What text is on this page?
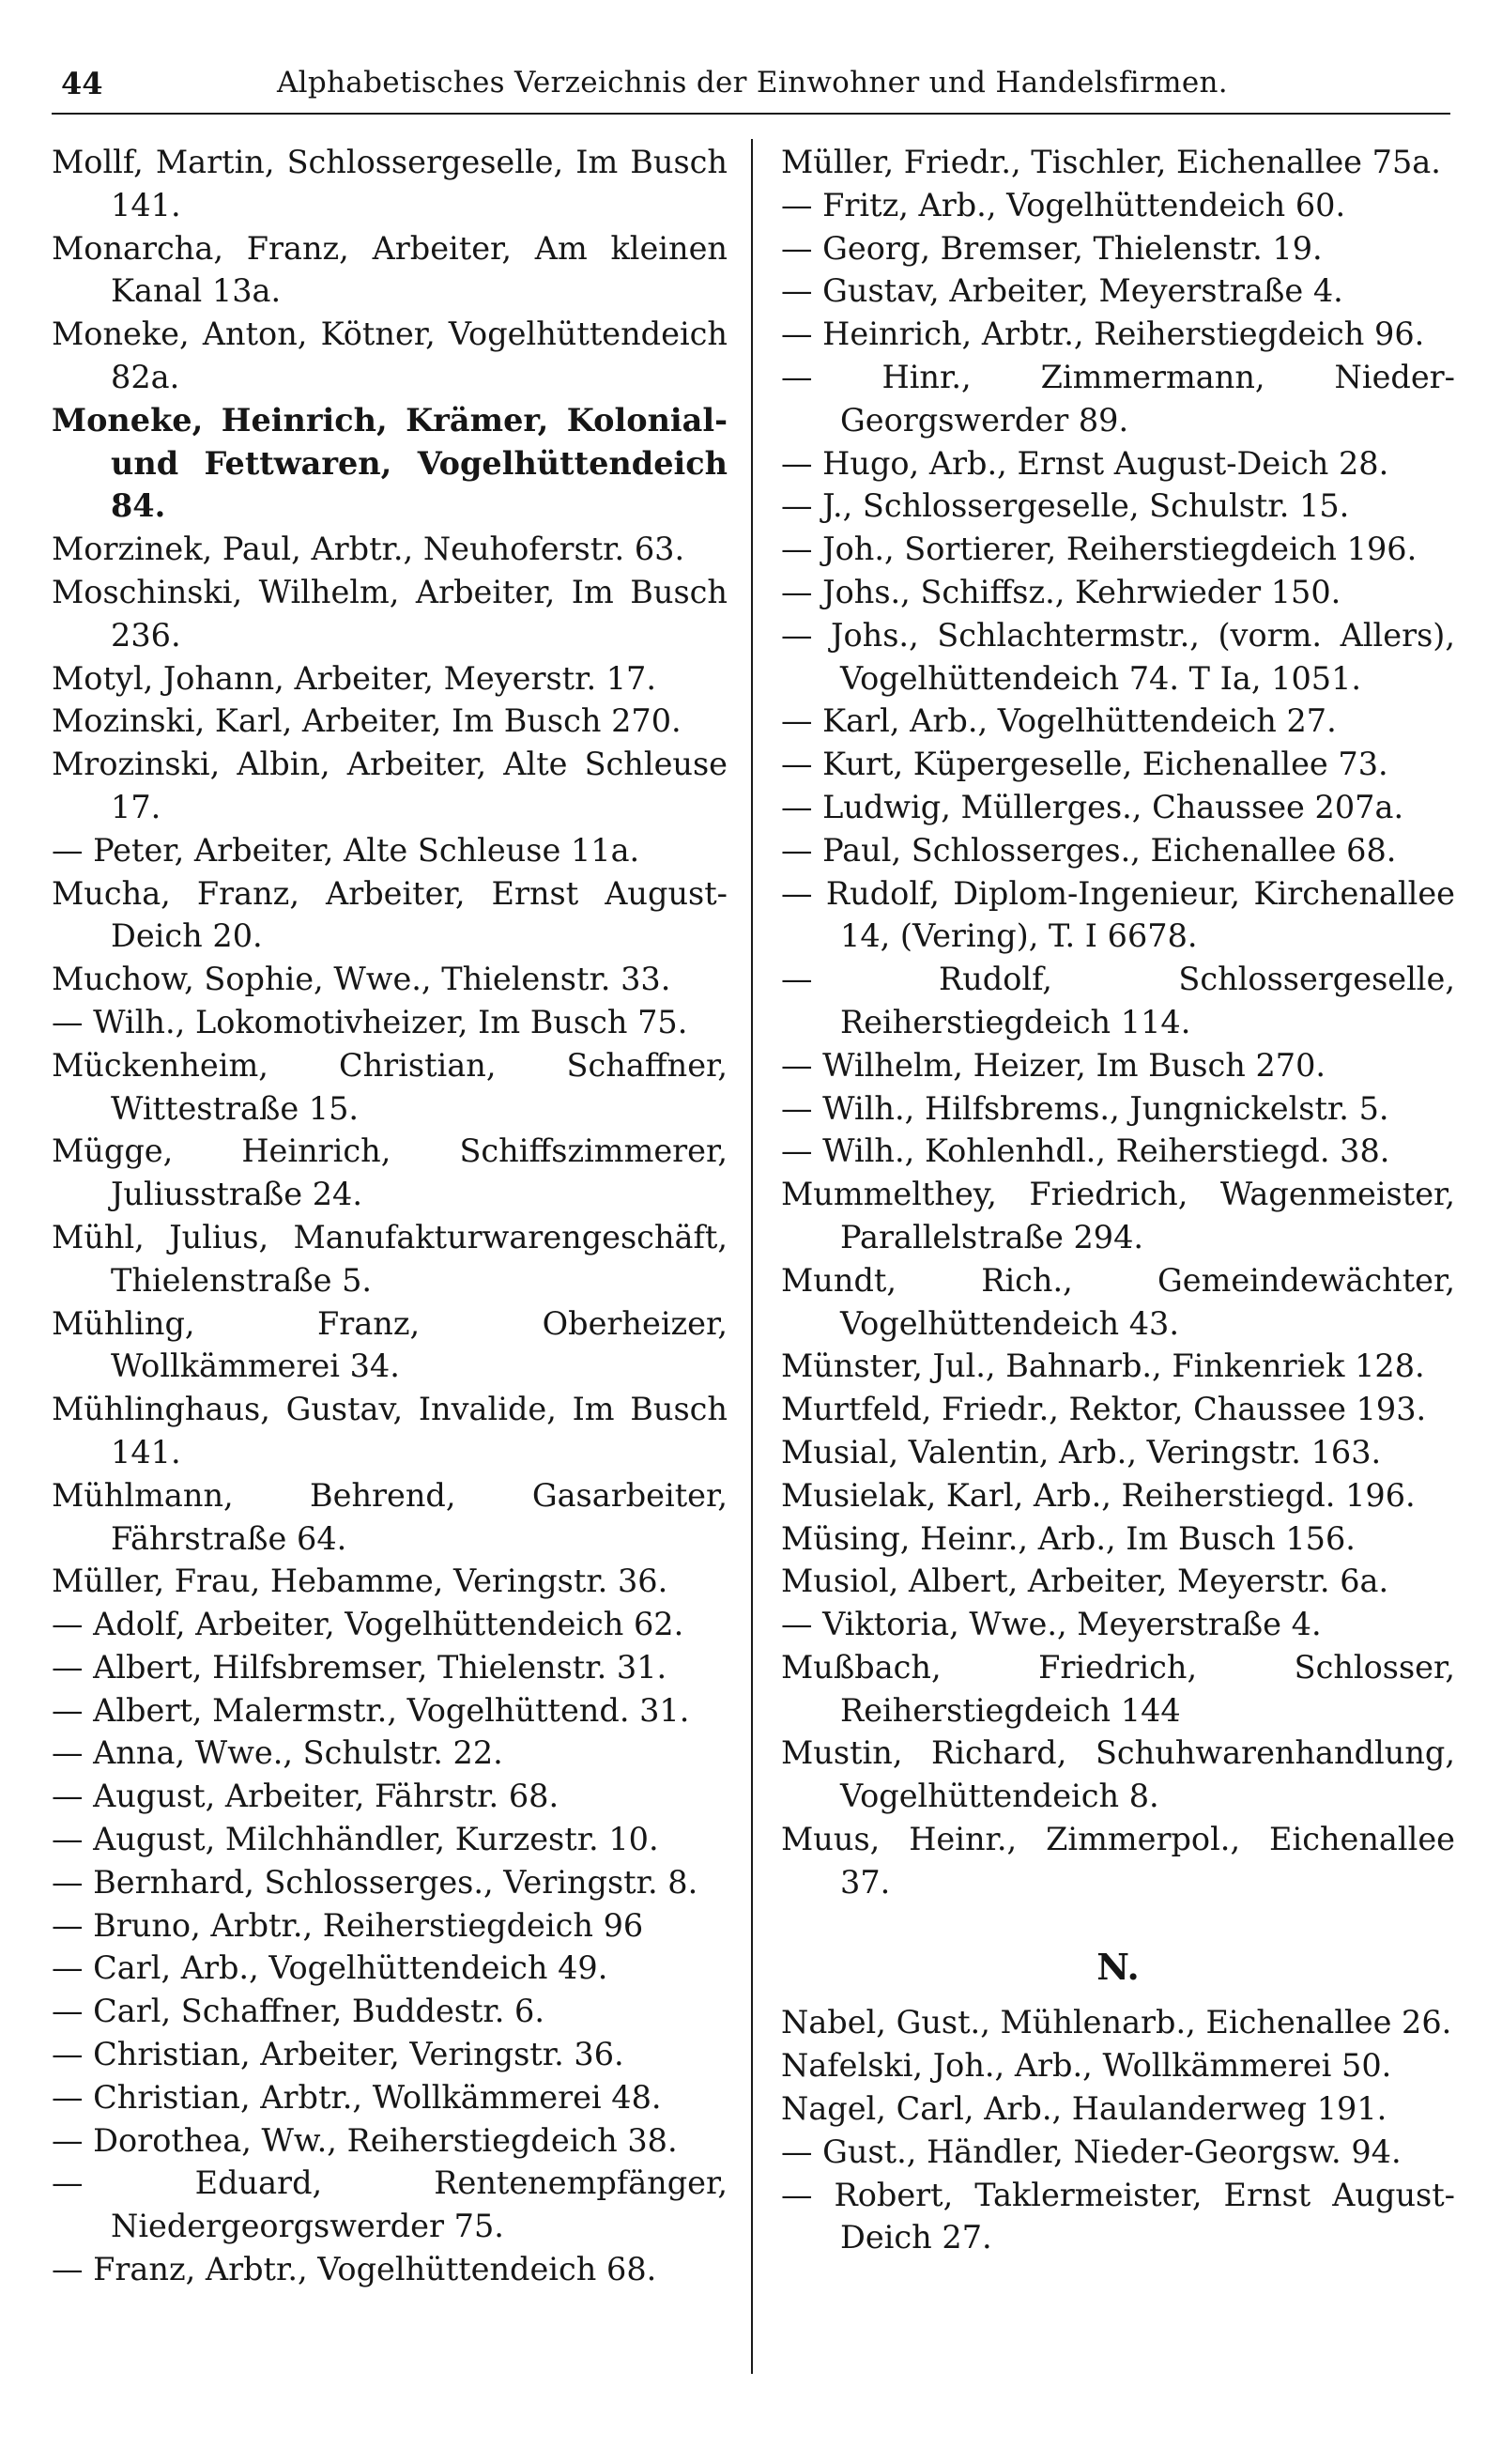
44	Alphabetisches Verzeichnis der Einwohner und Handelsfirmen.

Mollf, Martin, Schlossergeselle, Im Busch 141.

Monarcha, Franz, Arbeiter, Am kleinen Kanal 13a.

Moneke, Anton, Kötner, Vogelhüttendeich 82a.

Moneke, Heinrich, Krämer, Kolonial- und Fettwaren, Vogelhüttendeich 84.

Morzinek, Paul, Arbtr., Neuhoferstr. 63.

Moschinski, Wilhelm, Arbeiter, Im Busch 236.

Motyl, Johann, Arbeiter, Meyerstr. 17.

Mozinski, Karl, Arbeiter, Im Busch 270.

Mrozinski, Albin, Arbeiter, Alte Schleuse 17.

— Peter, Arbeiter, Alte Schleuse 11a.

Mucha, Franz, Arbeiter, Ernst August-Deich 20.

Muchow, Sophie, Wwe., Thielenstr. 33.

— Wilh., Lokomotivheizer, Im Busch 75.

Mückenheim, Christian, Schaffner, Wittestraße 15.

Mügge, Heinrich, Schiffszimmerer, Juliusstraße 24.

Mühl, Julius, Manufakturwarengeschäft, Thielenstraße 5.

Mühling, Franz, Oberheizer, Wollkämmerei 34.

Mühlinghaus, Gustav, Invalide, Im Busch 141.

Mühlmann, Behrend, Gasarbeiter, Fährstraße 64.

Müller, Frau, Hebamme, Veringstr. 36.

— Adolf, Arbeiter, Vogelhüttendeich 62.

— Albert, Hilfsbremser, Thielenstr. 31.

— Albert, Malermstr., Vogelhüttend. 31.

— Anna, Wwe., Schulstr. 22.

— August, Arbeiter, Fährstr. 68.

— August, Milchhändler, Kurzestr. 10.

— Bernhard, Schlosserges., Veringstr. 8.

— Bruno, Arbtr., Reiherstiegdeich 96

— Carl, Arb., Vogelhüttendeich 49.

— Carl, Schaffner, Buddestr. 6.

— Christian, Arbeiter, Veringstr. 36.

— Christian, Arbtr., Wollkämmerei 48.

— Dorothea, Ww., Reiherstiegdeich 38.

— Eduard, Rentenempfänger, Niedergeorgswerder 75.

— Franz, Arbtr., Vogelhüttendeich 68.

Müller, Friedr., Tischler, Eichenallee 75a.

— Fritz, Arb., Vogelhüttendeich 60.

— Georg, Bremser, Thielenstr. 19.

— Gustav, Arbeiter, Meyerstraße 4.

— Heinrich, Arbtr., Reiherstiegdeich 96.

— Hinr., Zimmermann, Nieder-Georgswerder 89.

— Hugo, Arb., Ernst August-Deich 28.

— J., Schlossergeselle, Schulstr. 15.

— Joh., Sortierer, Reiherstiegdeich 196.

— Johs., Schiffsz., Kehrwieder 150.

— Johs., Schlachtermstr., (vorm. Allers), Vogelhüttendeich 74. T Ia, 1051.

— Karl, Arb., Vogelhüttendeich 27.

— Kurt, Küpergeselle, Eichenallee 73.

— Ludwig, Müllerges., Chaussee 207a.

— Paul, Schlosserges., Eichenallee 68.

— Rudolf, Diplom-Ingenieur, Kirchenallee 14, (Vering), T. I 6678.

— Rudolf, Schlossergeselle, Reiherstiegdeich 114.

— Wilhelm, Heizer, Im Busch 270.

— Wilh., Hilfsbrems., Jungnickelstr. 5.

— Wilh., Kohlenhdl., Reiherstiegd. 38.

Mummelthey, Friedrich, Wagenmeister, Parallelstraße 294.

Mundt, Rich., Gemeindewächter, Vogelhüttendeich 43.

Münster, Jul., Bahnarb., Finkenriek 128.

Murtfeld, Friedr., Rektor, Chaussee 193.

Musial, Valentin, Arb., Veringstr. 163.

Musielak, Karl, Arb., Reiherstiegd. 196.

Müsing, Heinr., Arb., Im Busch 156.

Musiol, Albert, Arbeiter, Meyerstr. 6a.

— Viktoria, Wwe., Meyerstraße 4.

Mußbach, Friedrich, Schlosser, Reiherstiegdeich 144

Mustin, Richard, Schuhwarenhandlung, Vogelhüttendeich 8.

Muus, Heinr., Zimmerpol., Eichenallee 37.

N.

Nabel, Gust., Mühlenarb., Eichenallee 26.

Nafelski, Joh., Arb., Wollkämmerei 50.

Nagel, Carl, Arb., Haulanderweg 191.

— Gust., Händler, Nieder-Georgsw. 94.

— Robert, Taklermeister, Ernst August-Deich 27.
